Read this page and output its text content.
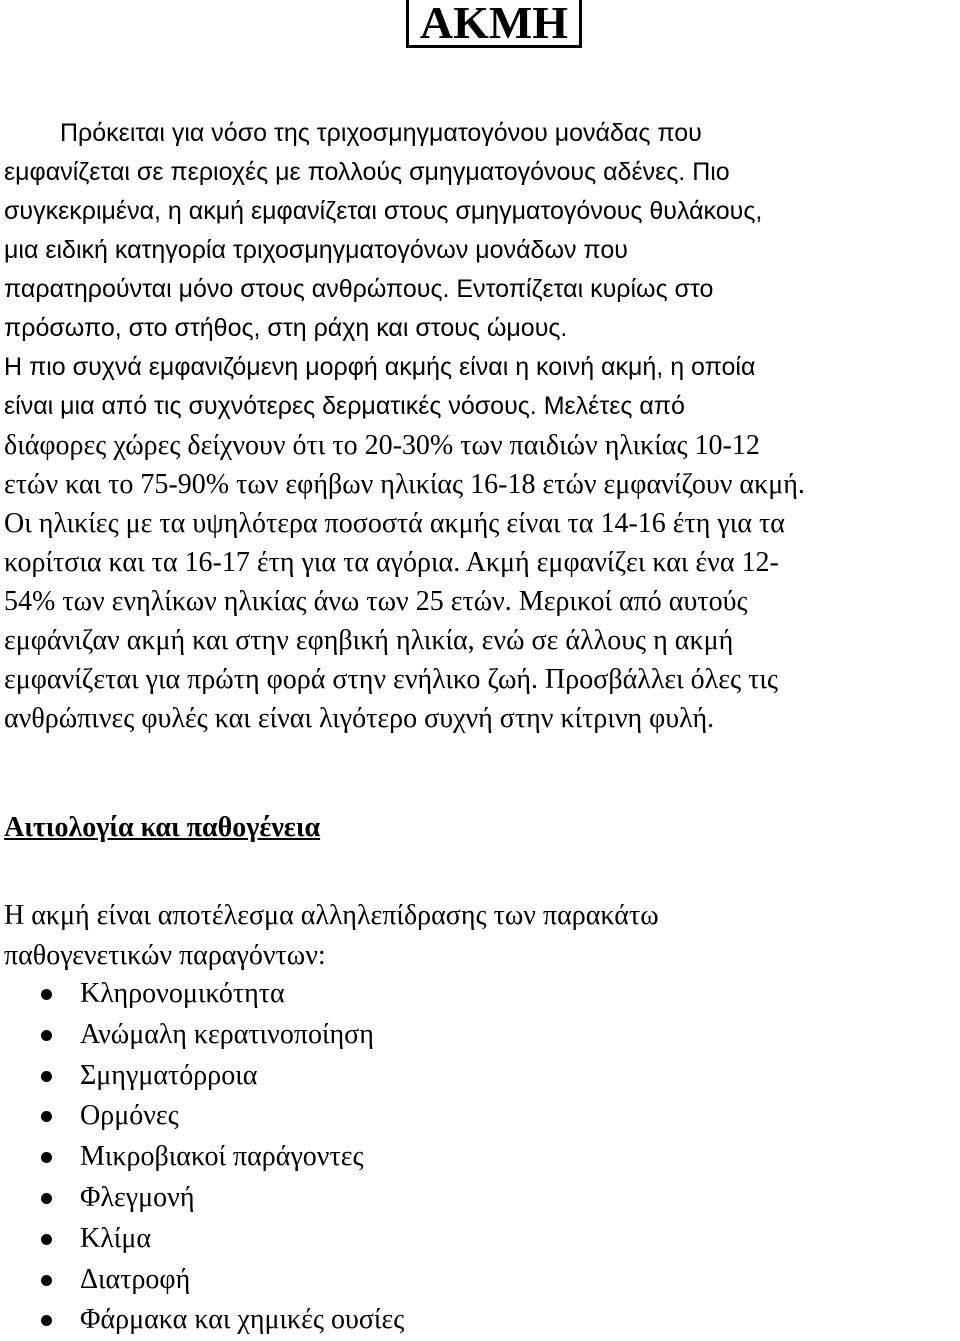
ΑΚΜΗ

Πρόκειται για νόσο της τριχοσμηγματογόνου μονάδας που
εμφανίζεται σε περιοχές με πολλούς σμηγματογόνους αδένες. Πιο
συγκεκριμένα, η ακμή εμφανίζεται στους σμηγματογόνους θυλάκους,
μια ειδική κατηγορία τριχοσμηγματογόνων μονάδων που
παρατηρούνται μόνο στους ανθρώπους. Εντοπίζεται κυρίως στο
πρόσωπο, στο στήθος, στη ράχη και στους ώμους.
Η πιο συχνά εμφανιζόμενη μορφή ακμής είναι η κοινή ακμή, η οποία
είναι μια από τις συχνότερες δερματικές νόσους. Μελέτες από
διάφορες χώρες δείχνουν ότι το 20-30% των παιδιών ηλικίας 10-12
ετών και το 75-90% των εφήβων ηλικίας 16-18 ετών εμφανίζουν ακμή.
Οι ηλικίες με τα υψηλότερα ποσοστά ακμής είναι τα 14-16 έτη για τα
κορίτσια και τα 16-17 έτη για τα αγόρια. Ακμή εμφανίζει και ένα 12-
54% των ενηλίκων ηλικίας άνω των 25 ετών. Μερικοί από αυτούς
εμφάνιζαν ακμή και στην εφηβική ηλικία, ενώ σε άλλους η ακμή
εμφανίζεται για πρώτη φορά στην ενήλικο ζωή. Προσβάλλει όλες τις
ανθρώπινες φυλές και είναι λιγότερο συχνή στην κίτρινη φυλή.

Αιτιολογία και παθογένεια

Η ακμή είναι αποτέλεσμα αλληλεπίδρασης των παρακάτω
παθογενετικών παραγόντων:

Κληρονομικότητα
Ανώμαλη κερατινοποίηση
Σμηγματόρροια
Ορμόνες
Μικροβιακοί παράγοντες
Φλεγμονή
Κλίμα
Διατροφή
Φάρμακα και χημικές ουσίες
